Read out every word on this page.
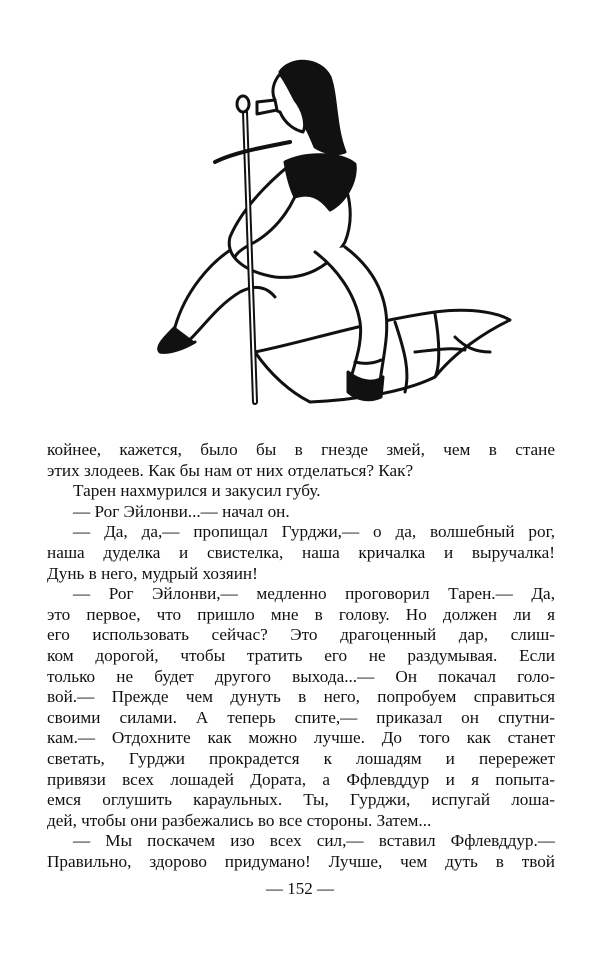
койнее, кажется, было бы в гнезде змей, чем в стане
этих злодеев. Как бы нам от них отделаться? Как?
Тарен нахмурился и закусил губу.
— Рог Эйлонви...— начал он.
— Да, да,— пропищал Гурджи,— о да, волшебный рог,
наша дуделка и свистелка, наша кричалка и выручалка!
Дунь в него, мудрый хозяин!
— Рог Эйлонви,— медленно проговорил Тарен.— Да,
это первое, что пришло мне в голову. Но должен ли я
его использовать сейчас? Это драгоценный дар, слиш-
ком дорогой, чтобы тратить его не раздумывая. Если
только не будет другого выхода...— Он покачал голо-
вой.— Прежде чем дунуть в него, попробуем справиться
своими силами. А теперь спите,— приказал он спутни-
кам.— Отдохните как можно лучше. До того как станет
светать, Гурджи прокрадется к лошадям и перережет
привязи всех лошадей Дората, а Ффлевддур и я попыта-
емся оглушить караульных. Ты, Гурджи, испугай лоша-
дей, чтобы они разбежались во все стороны. Затем...
— Мы поскачем изо всех сил,— вставил Ффлевддур.—
Правильно, здорово придумано! Лучше, чем дуть в твой
— 152 —
